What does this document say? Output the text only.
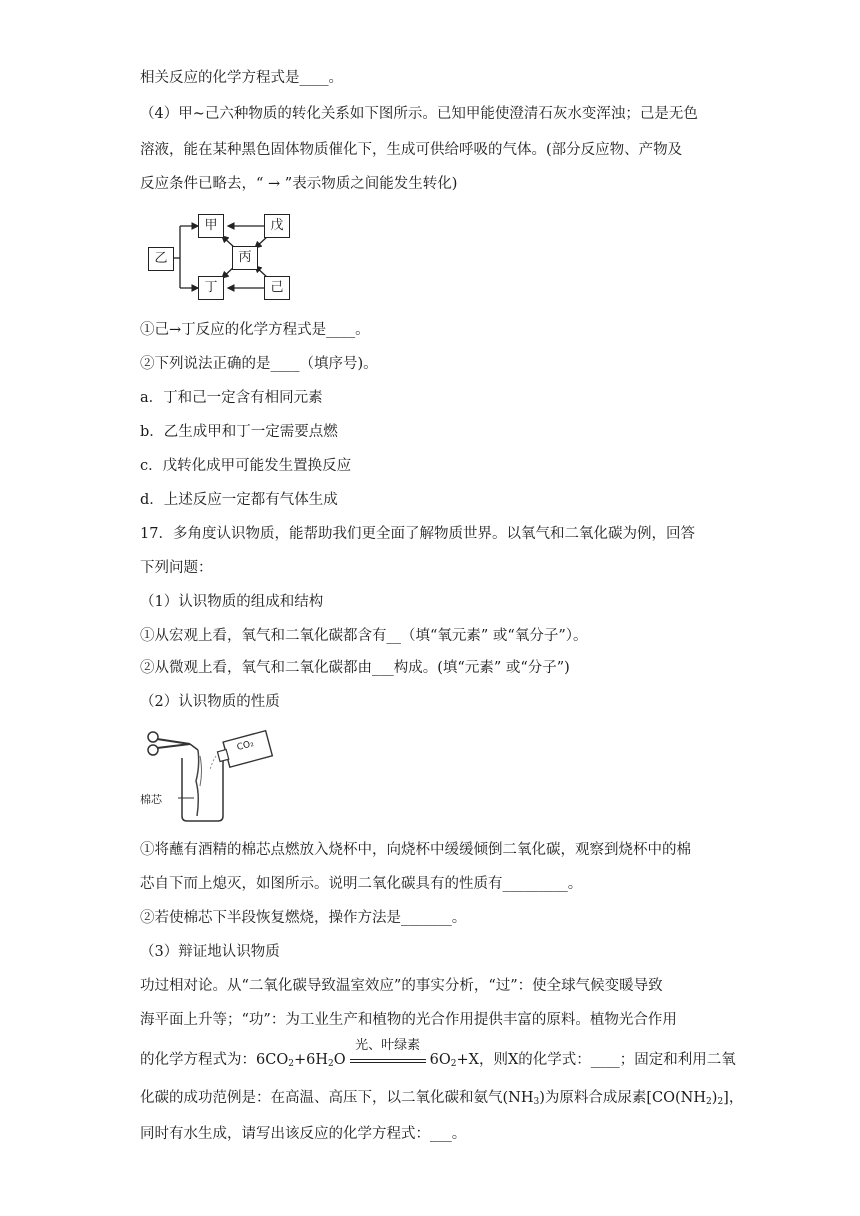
相关反应的化学方程式是____。
（4）甲~己六种物质的转化关系如下图所示。已知甲能使澄清石灰水变浑浊；己是无色
溶液，能在某种黑色固体物质催化下，生成可供给呼吸的气体。(部分反应物、产物及
反应条件已略去，“ → ”表示物质之间能发生转化)
乙
甲
丙
丁
戊
己
①己→丁反应的化学方程式是____。
②下列说法正确的是____（填序号)。
a．丁和己一定含有相同元素
b．乙生成甲和丁一定需要点燃
c．戊转化成甲可能发生置换反应
d．上述反应一定都有气体生成
17．多角度认识物质，能帮助我们更全面了解物质世界。以氧气和二氧化碳为例，回答
下列问题：
（1）认识物质的组成和结构
①从宏观上看，氧气和二氧化碳都含有__（填“氧元素” 或“氧分子”）。
②从微观上看，氧气和二氧化碳都由___构成。(填“元素” 或“分子”)
（2）认识物质的性质
CO₂
棉芯
①将蘸有酒精的棉芯点燃放入烧杯中，向烧杯中缓缓倾倒二氧化碳，观察到烧杯中的棉
芯自下而上熄灭，如图所示。说明二氧化碳具有的性质有_________。
②若使棉芯下半段恢复燃烧，操作方法是_______。
（3）辩证地认识物质
功过相对论。从“二氧化碳导致温室效应”的事实分析，“过”：使全球气候变暖导致
海平面上升等；“功”：为工业生产和植物的光合作用提供丰富的原料。植物光合作用
的化学方程式为：$6CO_2+6H_2O$
光、叶绿素
$6O_2+X$，则X的化学式：____；固定和利用二氧
化碳的成功范例是：在高温、高压下，以二氧化碳和氨气$(NH_3)$为原料合成尿素$[CO(NH_2)_2]$，
同时有水生成，请写出该反应的化学方程式：___。
